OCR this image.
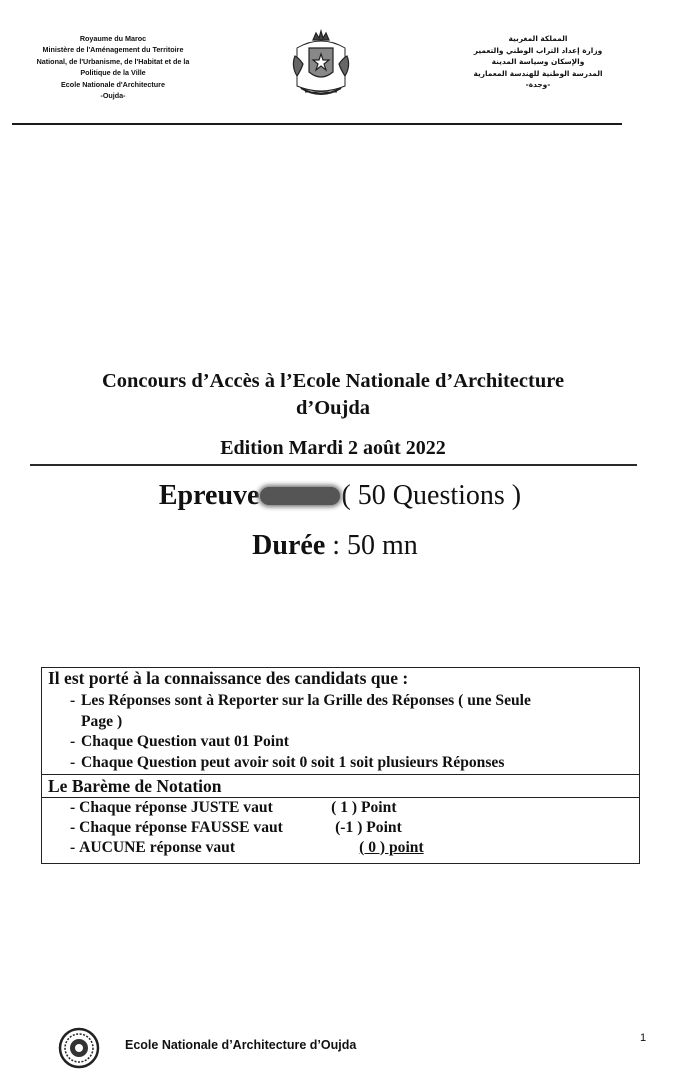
Royaume du Maroc
Ministère de l'Aménagement du Territoire
National, de l'Urbanisme, de l'Habitat et de la
Politique de la Ville
Ecole Nationale d'Architecture
-Oujda-
المملكة المغربية
وزارة إعداد التراب الوطني والتعمير
والإسكان وسياسة المدينة
المدرسة الوطنية للهندسة المعمارية
-وجدة-
Concours d’Accès à l’Ecole Nationale d’Architecture
d’Oujda
Edition Mardi 2 août 2022
Epreuve	( 50 Questions )
Durée : 50 mn
Il est porté à la connaissance des candidats que :
- Les Réponses sont à Reporter sur la Grille des Réponses ( une Seule
Page )
- Chaque Question vaut 01 Point
- Chaque Question peut avoir soit 0 soit 1 soit plusieurs Réponses
Le Barème de Notation
- Chaque réponse JUSTE vaut	( 1 ) Point
- Chaque réponse FAUSSE vaut	(-1 ) Point
- AUCUNE réponse vaut	( 0 ) point
Ecole Nationale d’Architecture d’Oujda	1
